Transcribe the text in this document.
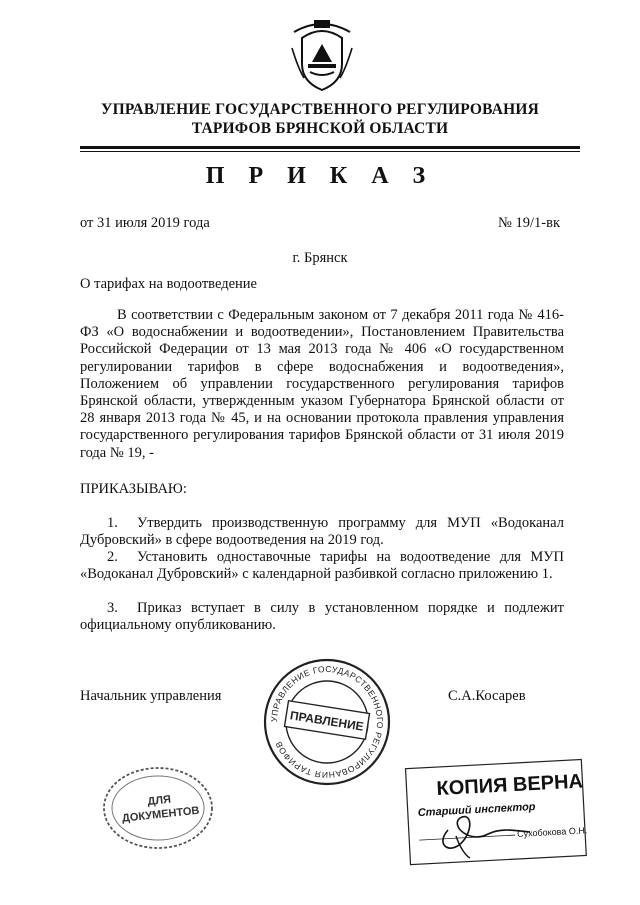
УПРАВЛЕНИЕ ГОСУДАРСТВЕННОГО РЕГУЛИРОВАНИЯ
ТАРИФОВ БРЯНСКОЙ ОБЛАСТИ
П Р И К А З
от 31 июля 2019 года	№ 19/1-вк
г. Брянск
О тарифах на водоотведение
В соответствии с Федеральным законом от 7 декабря 2011 года № 416-ФЗ «О водоснабжении и водоотведении», Постановлением Правительства Российской Федерации от 13 мая 2013 года № 406 «О государственном регулировании тарифов в сфере водоснабжения и водоотведения», Положением об управлении государственного регулирования тарифов Брянской области, утвержденным указом Губернатора Брянской области от 28 января 2013 года № 45, и на основании протокола правления управления государственного регулирования тарифов Брянской области от 31 июля 2019 года № 19, -
ПРИКАЗЫВАЮ:
1. Утвердить производственную программу для МУП «Водоканал Дубровский» в сфере водоотведения на 2019 год.
2. Установить одноставочные тарифы на водоотведение для МУП «Водоканал Дубровский» с календарной разбивкой согласно приложению 1.
3. Приказ вступает в силу в установленном порядке и подлежит официальному опубликованию.
Начальник управления	С.А.Косарев
УПРАВЛЕНИЕ ГОСУДАРСТВЕННОГО РЕГУЛИРОВАНИЯ ТАРИФОВ
ПРАВЛЕНИЕ
ДЛЯ
ДОКУМЕНТОВ
КОПИЯ ВЕРНА
Старший инспектор
Сухобокова О.Н.
